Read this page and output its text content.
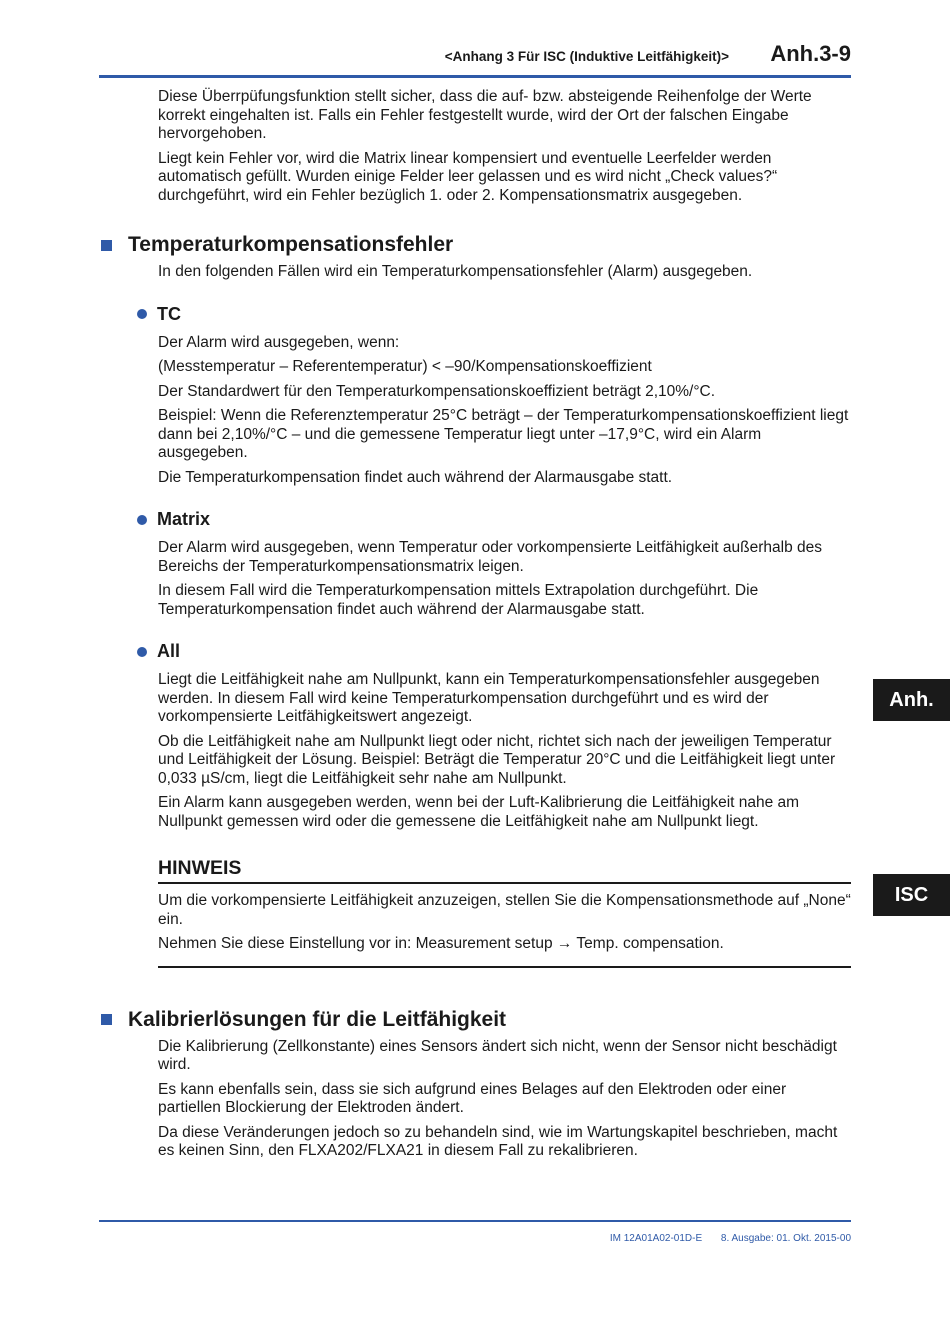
<Anhang 3 Für ISC (Induktive Leitfähigkeit)> Anh.3-9

Diese Überrpüfungsfunktion stellt sicher, dass die auf- bzw. absteigende Reihenfolge der Werte korrekt eingehalten ist. Falls ein Fehler festgestellt wurde, wird der Ort der falschen Eingabe hervorgehoben.

Liegt kein Fehler vor, wird die Matrix linear kompensiert und eventuelle Leerfelder werden automatisch gefüllt. Wurden einige Felder leer gelassen und es wird nicht „Check values?“ durchgeführt, wird ein Fehler bezüglich 1. oder 2. Kompensationsmatrix ausgegeben.

Temperaturkompensationsfehler

In den folgenden Fällen wird ein Temperaturkompensationsfehler (Alarm) ausgegeben.

TC

Der Alarm wird ausgegeben, wenn:

(Messtemperatur – Referentemperatur) < –90/Kompensationskoeffizient

Der Standardwert für den Temperaturkompensationskoeffizient beträgt 2,10%/°C.

Beispiel: Wenn die Referenztemperatur 25°C beträgt – der Temperaturkompensationskoeffizient liegt dann bei 2,10%/°C – und die gemessene Temperatur liegt unter –17,9°C, wird ein Alarm ausgegeben.

Die Temperaturkompensation findet auch während der Alarmausgabe statt.

Matrix

Der Alarm wird ausgegeben, wenn Temperatur oder vorkompensierte Leitfähigkeit außerhalb des Bereichs der Temperaturkompensationsmatrix leigen.

In diesem Fall wird die Temperaturkompensation mittels Extrapolation durchgeführt. Die Temperaturkompensation findet auch während der Alarmausgabe statt.

All

Liegt die Leitfähigkeit nahe am Nullpunkt, kann ein Temperaturkompensationsfehler ausgegeben werden. In diesem Fall wird keine Temperaturkompensation durchgeführt und es wird der vorkompensierte Leitfähigkeitswert angezeigt.

Ob die Leitfähigkeit nahe am Nullpunkt liegt oder nicht, richtet sich nach der jeweiligen Temperatur und Leitfähigkeit der Lösung. Beispiel: Beträgt die Temperatur 20°C und die Leitfähigkeit liegt unter 0,033 µS/cm, liegt die Leitfähigkeit sehr nahe am Nullpunkt.

Ein Alarm kann ausgegeben werden, wenn bei der Luft-Kalibrierung die Leitfähigkeit nahe am Nullpunkt gemessen wird oder die gemessene die Leitfähigkeit nahe am Nullpunkt liegt.

HINWEIS

Um die vorkompensierte Leitfähigkeit anzuzeigen, stellen Sie die Kompensationsmethode auf „None“ ein.

Nehmen Sie diese Einstellung vor in: Measurement setup → Temp. compensation.

Kalibrierlösungen für die Leitfähigkeit

Die Kalibrierung (Zellkonstante) eines Sensors ändert sich nicht, wenn der Sensor nicht beschädigt wird.

Es kann ebenfalls sein, dass sie sich aufgrund eines Belages auf den Elektroden oder einer partiellen Blockierung der Elektroden ändert.

Da diese Veränderungen jedoch so zu behandeln sind, wie im Wartungskapitel beschrieben, macht es keinen Sinn, den FLXA202/FLXA21 in diesem Fall zu rekalibrieren.

Anh.
ISC
IM 12A01A02-01D-E 8. Ausgabe: 01. Okt. 2015-00
